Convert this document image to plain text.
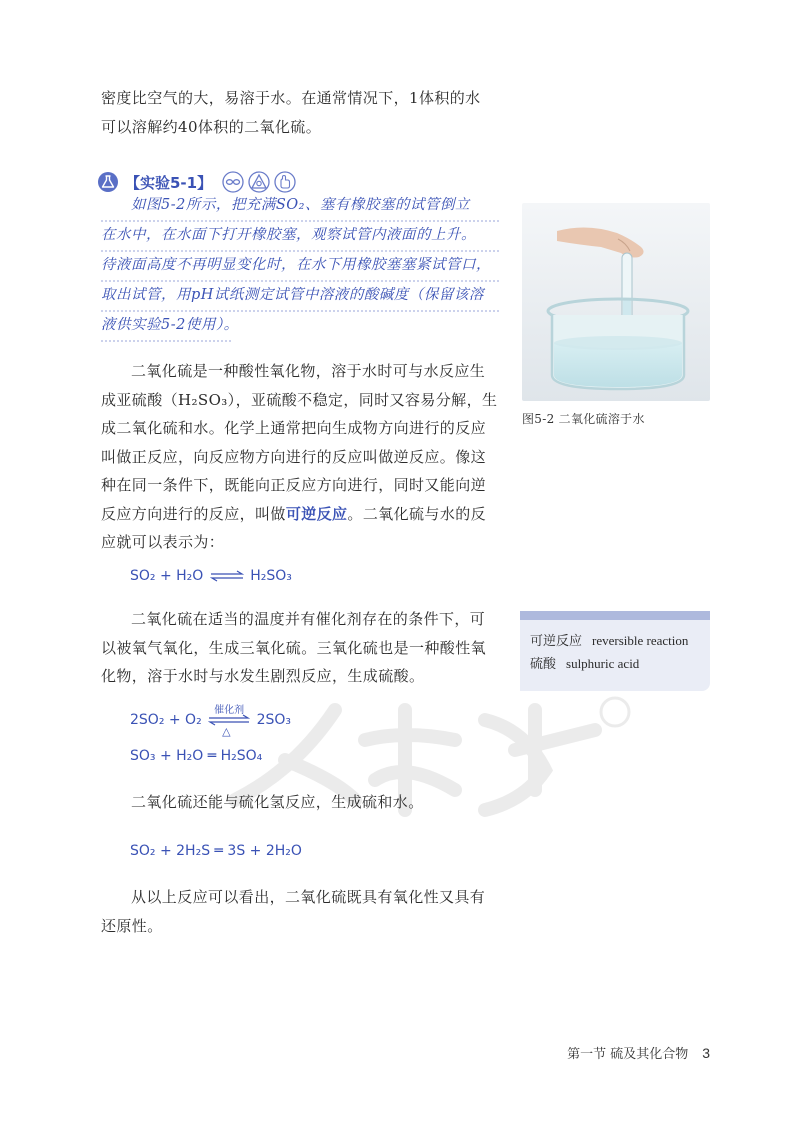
密度比空气的大，易溶于水。在通常情况下，1体积的水

可以溶解约40体积的二氧化硫。

【实验5-1】
如图5-2所示，把充满SO₂、塞有橡胶塞的试管倒立
在水中，在水面下打开橡胶塞，观察试管内液面的上升。
待液面高度不再明显变化时，在水下用橡胶塞塞紧试管口，
取出试管，用pH试纸测定试管中溶液的酸碱度（保留该溶
液供实验5-2使用）。
二氧化硫是一种酸性氧化物，溶于水时可与水反应生
成亚硫酸（H₂SO₃），亚硫酸不稳定，同时又容易分解，生
成二氧化硫和水。化学上通常把向生成物方向进行的反应
叫做正反应，向反应物方向进行的反应叫做逆反应。像这
种在同一条件下，既能向正反应方向进行，同时又能向逆
反应方向进行的反应，叫做可逆反应。二氧化硫与水的反
应就可以表示为：
SO₂ + H₂O ⇌ H₂SO₃
二氧化硫在适当的温度并有催化剂存在的条件下，可
以被氧气氧化，生成三氧化硫。三氧化硫也是一种酸性氧
化物，溶于水时与水发生剧烈反应，生成硫酸。
2SO₂ + O₂
催化剂
△
2SO₃
SO₃ + H₂O ═ H₂SO₄
二氧化硫还能与硫化氢反应，生成硫和水。
SO₂ + 2H₂S ═ 3S + 2H₂O
从以上反应可以看出，二氧化硫既具有氧化性又具有
还原性。
图5-2 二氧化硫溶于水
可逆反应 reversible reaction
硫酸 sulphuric acid
第一节 硫及其化合物 3
